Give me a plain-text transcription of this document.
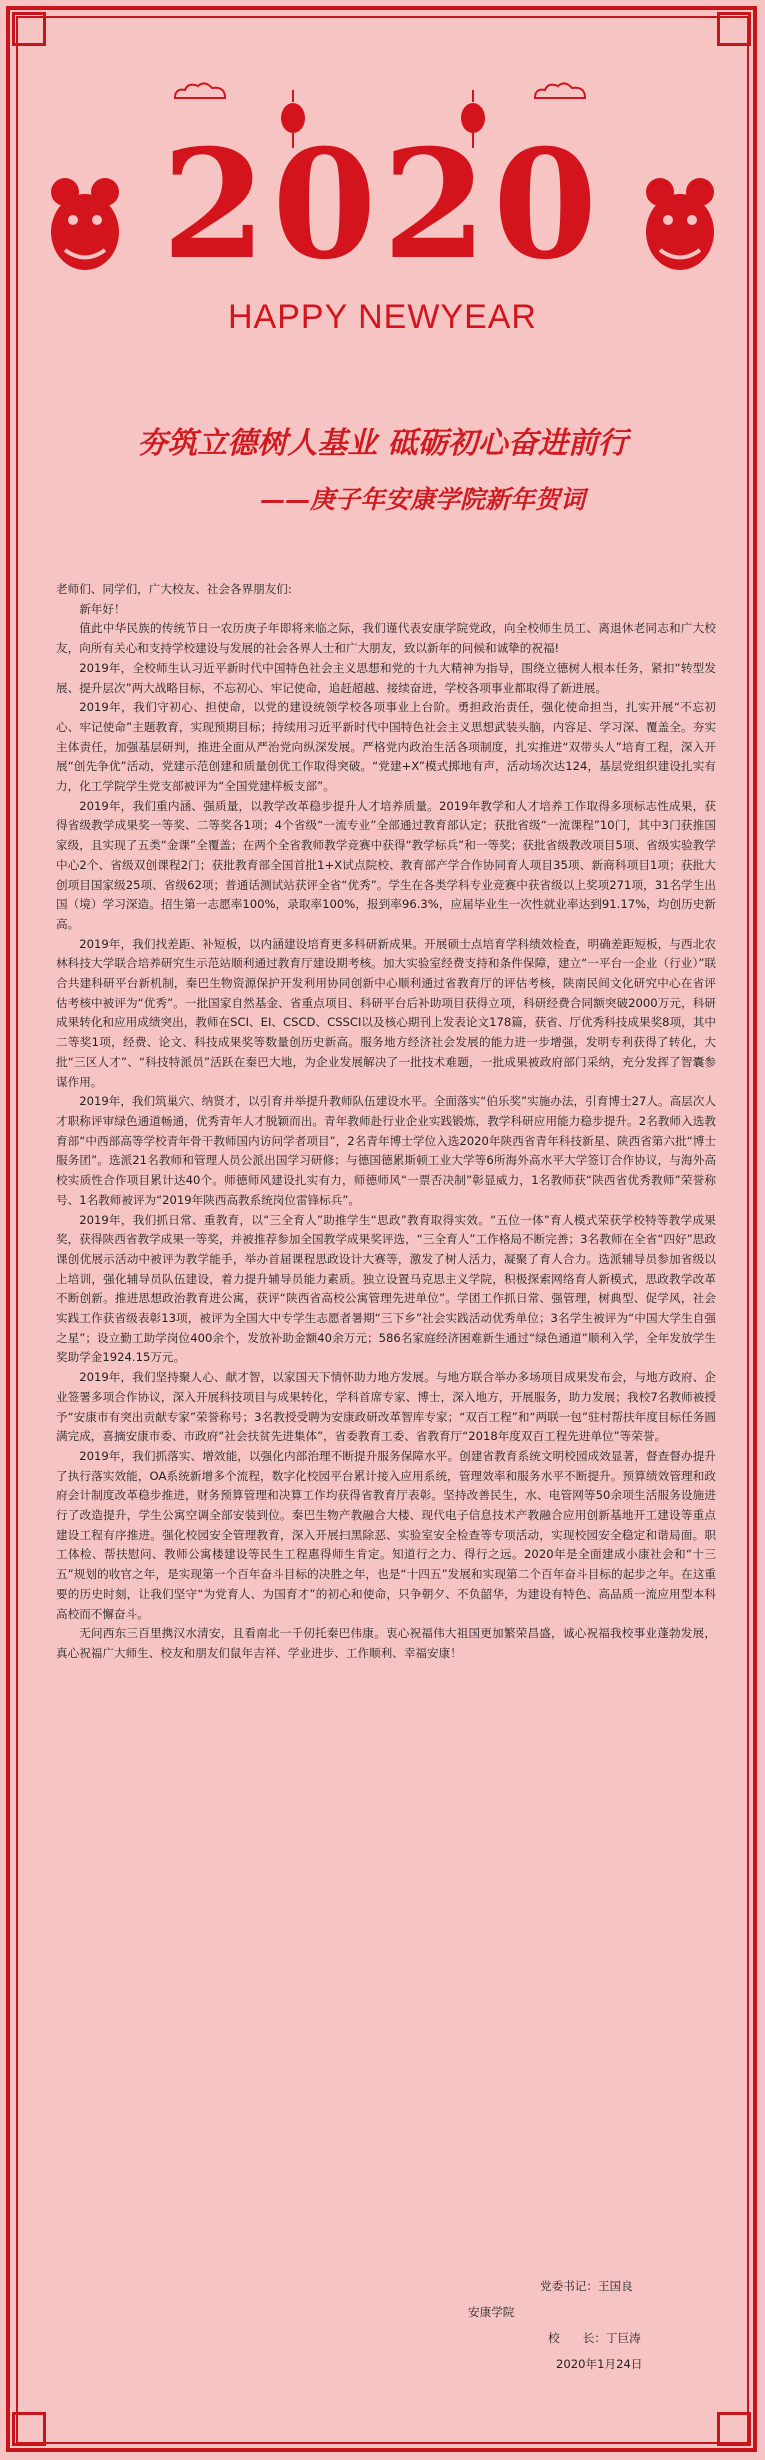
2020
HAPPY NEWYEAR
夯筑立德树人基业 砥砺初心奋进前行
——庚子年安康学院新年贺词

老师们、同学们，广大校友、社会各界朋友们:

新年好！

值此中华民族的传统节日一农历庚子年即将来临之际，我们谨代表安康学院党政，向全校师生员工、离退休老同志和广大校友，向所有关心和支持学校建设与发展的社会各界人士和广大朋友，致以新年的问候和诚挚的祝福!

2019年，全校师生认习近平新时代中国特色社会主义思想和党的十九大精神为指导，围绕立德树人根本任务，紧扣“转型发展、提升层次”两大战略目标，不忘初心、牢记使命，追赶超越、接续奋进，学校各项事业都取得了新进展。

2019年，我们守初心、担使命，以党的建设统领学校各项事业上台阶。勇担政治责任，强化使命担当，扎实开展“不忘初心、牢记使命”主题教育，实现预期目标；持续用习近平新时代中国特色社会主义思想武装头脑，内容足、学习深、覆盖全。夯实主体责任，加强基层研判，推进全面从严治党向纵深发展。严格党内政治生活各项制度，扎实推进“双带头人”培育工程，深入开展“创先争优”活动，党建示范创建和质量创优工作取得突破。“党建+X”模式掷地有声，活动场次达124，基层党组织建设扎实有力，化工学院学生党支部被评为“全国党建样板支部”。

2019年，我们重内涵、强质量，以教学改革稳步提升人才培养质量。2019年教学和人才培养工作取得多项标志性成果，获得省级教学成果奖一等奖、二等奖各1项；4个省级“一流专业”全部通过教育部认定；获批省级“一流课程”10门，其中3门获推国家级，且实现了五类“金课”全覆盖；在两个全省教师教学竞赛中获得“教学标兵”和一等奖；获批省级教改项目5项、省级实验教学中心2个、省级双创课程2门；获批教育部全国首批1+X试点院校、教育部产学合作协同育人项目35项、新商科项目1项；获批大创项目国家级25项、省级62项；普通话测试站获评全省“优秀”。学生在各类学科专业竞赛中获省级以上奖项271项，31名学生出国（境）学习深造。招生第一志愿率100%，录取率100%，报到率96.3%，应届毕业生一次性就业率达到91.17%，均创历史新高。

2019年，我们找差距、补短板，以内涵建设培育更多科研新成果。开展硕士点培育学科绩效检查，明确差距短板，与西北农林科技大学联合培养研究生示范站顺利通过教育厅建设期考核。加大实验室经费支持和条件保障，建立“一平台一企业（行业）”联合共建科研平台新机制，秦巴生物资源保护开发利用协同创新中心顺利通过省教育厅的评估考核，陕南民间文化研究中心在省评估考核中被评为“优秀”。一批国家自然基金、省重点项目、科研平台后补助项目获得立项，科研经费合同额突破2000万元，科研成果转化和应用成绩突出，教师在SCI、EI、CSCD、CSSCI以及核心期刊上发表论文178篇，获省、厅优秀科技成果奖8项，其中二等奖1项，经费、论文、科技成果奖等数量创历史新高。服务地方经济社会发展的能力进一步增强，发明专利获得了转化，大批“三区人才”、“科技特派员”活跃在秦巴大地，为企业发展解决了一批技术难题，一批成果被政府部门采纳，充分发挥了智囊参谋作用。

2019年，我们筑巢穴、纳贤才，以引育并举提升教师队伍建设水平。全面落实“伯乐奖”实施办法，引育博士27人。高层次人才职称评审绿色通道畅通，优秀青年人才脱颖而出。青年教师赴行业企业实践锻炼，教学科研应用能力稳步提升。2名教师入选教育部“中西部高等学校青年骨干教师国内访问学者项目”，2名青年博士学位入选2020年陕西省青年科技新星、陕西省第六批“博士服务团”。选派21名教师和管理人员公派出国学习研修；与德国德累斯顿工业大学等6所海外高水平大学签订合作协议，与海外高校实质性合作项目累计达40个。师德师风建设扎实有力，师德师风“一票否决制”彰显威力，1名教师获“陕西省优秀教师”荣誉称号、1名教师被评为“2019年陕西高教系统岗位雷锋标兵”。

2019年，我们抓日常、重教育，以“三全育人”助推学生“思政”教育取得实效。“五位一体”育人模式荣获学校特等教学成果奖，获得陕西省教学成果一等奖，并被推荐参加全国教学成果奖评选，“三全育人”工作格局不断完善；3名教师在全省“四好”思政课创优展示活动中被评为教学能手，举办首届课程思政设计大赛等，激发了树人活力，凝聚了育人合力。选派辅导员参加省级以上培训，强化辅导员队伍建设，着力提升辅导员能力素质。独立设置马克思主义学院，积极探索网络育人新模式，思政教学改革不断创新。推进思想政治教育进公寓，获评“陕西省高校公寓管理先进单位”。学团工作抓日常、强管理，树典型、促学风，社会实践工作获省级表彰13项，被评为全国大中专学生志愿者暑期“三下乡”社会实践活动优秀单位；3名学生被评为“中国大学生自强之星”；设立勤工助学岗位400余个，发放补助金额40余万元；586名家庭经济困难新生通过“绿色通道”顺利入学，全年发放学生奖助学金1924.15万元。

2019年，我们坚持聚人心、献才智，以家国天下情怀助力地方发展。与地方联合举办多场项目成果发布会，与地方政府、企业签署多项合作协议，深入开展科技项目与成果转化，学科首席专家、博士，深入地方，开展服务，助力发展；我校7名教师被授予“安康市有突出贡献专家”荣誉称号；3名教授受聘为安康政研改革智库专家；“双百工程”和“两联一包”驻村帮扶年度目标任务圆满完成，喜摘安康市委、市政府“社会扶贫先进集体”，省委教育工委、省教育厅“2018年度双百工程先进单位”等荣誉。

2019年，我们抓落实、增效能，以强化内部治理不断提升服务保障水平。创建省教育系统文明校园成效显著，督查督办提升了执行落实效能，OA系统新增多个流程，数字化校园平台累计接入应用系统，管理效率和服务水平不断提升。预算绩效管理和政府会计制度改革稳步推进，财务预算管理和决算工作均获得省教育厅表彰。坚持改善民生，水、电管网等50余项生活服务设施进行了改造提升，学生公寓空调全部安装到位。秦巴生物产教融合大楼、现代电子信息技术产教融合应用创新基地开工建设等重点建设工程有序推进。强化校园安全管理教育，深入开展扫黑除恶、实验室安全检查等专项活动，实现校园安全稳定和谐局面。职工体检、帮扶慰问、教师公寓楼建设等民生工程惠得师生肯定。知道行之力、得行之远。2020年是全面建成小康社会和“十三五”规划的收官之年，是实现第一个百年奋斗目标的决胜之年，也是“十四五”发展和实现第二个百年奋斗目标的起步之年。在这重要的历史时刻，让我们坚守“为党育人、为国育才”的初心和使命，只争朝夕、不负韶华，为建设有特色、高品质一流应用型本科高校而不懈奋斗。

无问西东三百里携汉水清安，且看南北一千仞托秦巴伟康。衷心祝福伟大祖国更加繁荣昌盛，诚心祝福我校事业蓬勃发展，真心祝福广大师生、校友和朋友们鼠年吉祥、学业进步、工作顺利、幸福安康！

党委书记：王国良
安康学院
校　　长：丁巨涛
2020年1月24日
